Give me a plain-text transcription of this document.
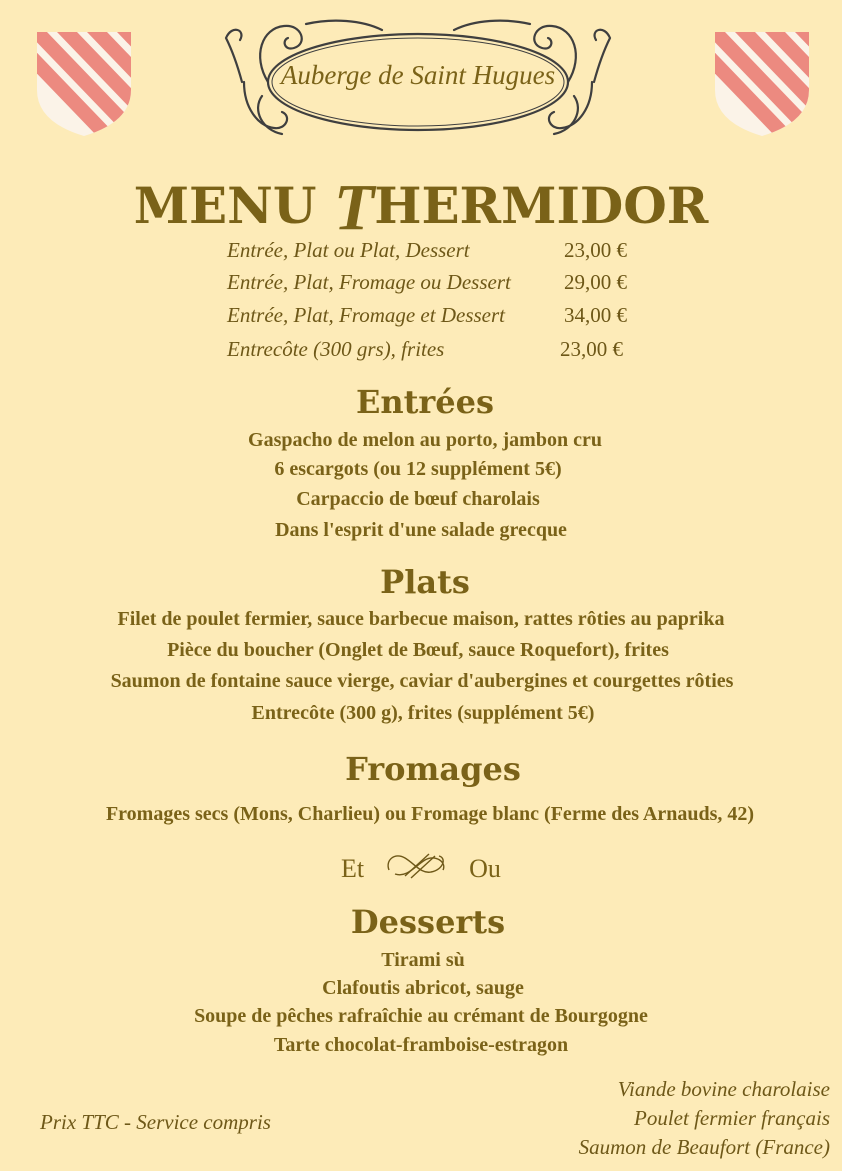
Auberge de Saint Hugues
MENU THERMIDOR
Entrée, Plat ou Plat, Dessert	23,00 €
Entrée, Plat, Fromage ou Dessert	29,00 €
Entrée, Plat, Fromage et Dessert	34,00 €
Entrecôte (300 grs), frites	23,00 €
Entrées
Gaspacho de melon au porto, jambon cru
6 escargots (ou 12 supplément 5€)
Carpaccio de bœuf charolais
Dans l'esprit d'une salade grecque
Plats
Filet de poulet fermier, sauce barbecue maison, rattes rôties au paprika
Pièce du boucher (Onglet de Bœuf, sauce Roquefort), frites
Saumon de fontaine sauce vierge, caviar d'aubergines et courgettes rôties
Entrecôte (300 g), frites (supplément 5€)
Fromages
Fromages secs (Mons, Charlieu) ou Fromage blanc (Ferme des Arnauds, 42)
Et	Ou
Desserts
Tirami sù
Clafoutis abricot, sauge
Soupe de pêches rafraîchie au crémant de Bourgogne
Tarte chocolat-framboise-estragon
Prix TTC - Service compris
Viande bovine charolaise
Poulet fermier français
Saumon de Beaufort (France)
